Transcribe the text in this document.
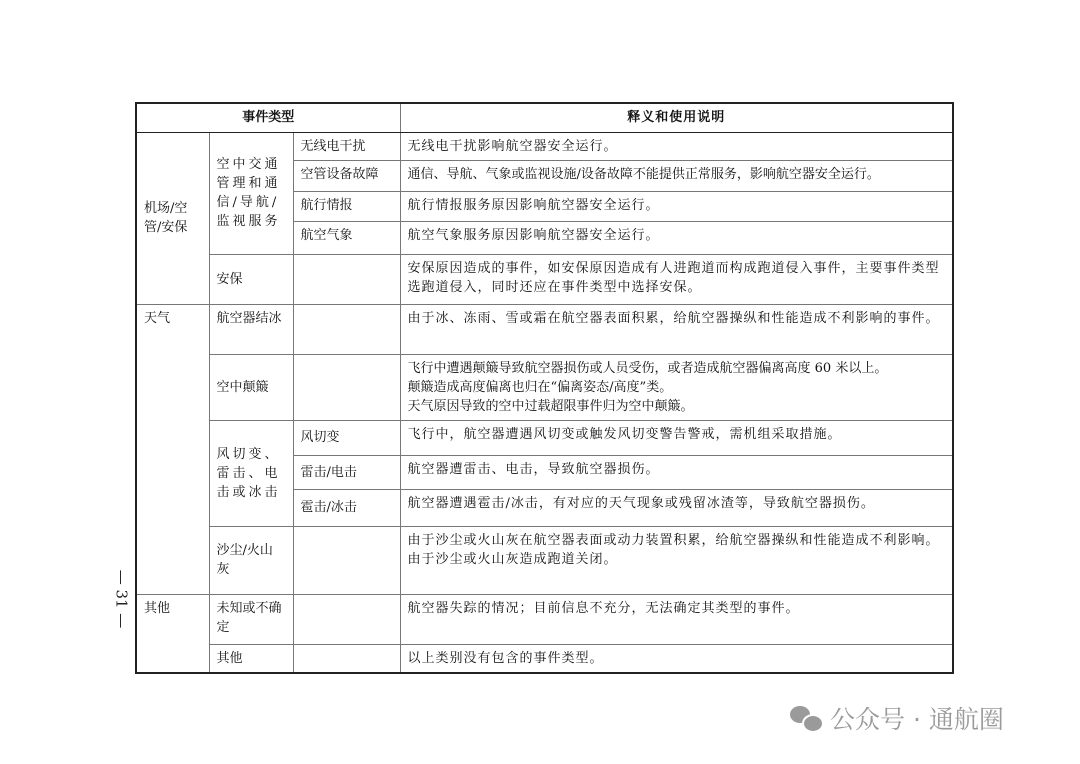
事件类型			释义和使用说明
机场/空管/安保	空中交通管理和通信/导航/监视服务	无线电干扰	无线电干扰影响航空器安全运行。
		空管设备故障	通信、导航、气象或监视设施/设备故障不能提供正常服务，影响航空器安全运行。
		航行情报	航行情报服务原因影响航空器安全运行。
		航空气象	航空气象服务原因影响航空器安全运行。
	安保		安保原因造成的事件，如安保原因造成有人进跑道而构成跑道侵入事件，主要事件类型选跑道侵入，同时还应在事件类型中选择安保。
天气	航空器结冰		由于冰、冻雨、雪或霜在航空器表面积累，给航空器操纵和性能造成不利影响的事件。
	空中颠簸		飞行中遭遇颠簸导致航空器损伤或人员受伤，或者造成航空器偏离高度 60 米以上。
颠簸造成高度偏离也归在“偏离姿态/高度”类。
天气原因导致的空中过载超限事件归为空中颠簸。

	风切变、雷击、电击或冰击	风切变	飞行中，航空器遭遇风切变或触发风切变警告警戒，需机组采取措施。
		雷击/电击	航空器遭雷击、电击，导致航空器损伤。
		雹击/冰击	航空器遭遇雹击/冰击，有对应的天气现象或残留冰渣等，导致航空器损伤。
	沙尘/火山灰		由于沙尘或火山灰在航空器表面或动力装置积累，给航空器操纵和性能造成不利影响。
由于沙尘或火山灰造成跑道关闭。

其他	未知或不确定		航空器失踪的情况；目前信息不充分，无法确定其类型的事件。
	其他		以上类别没有包含的事件类型。
— 31 —
公众号 · 通航圈
